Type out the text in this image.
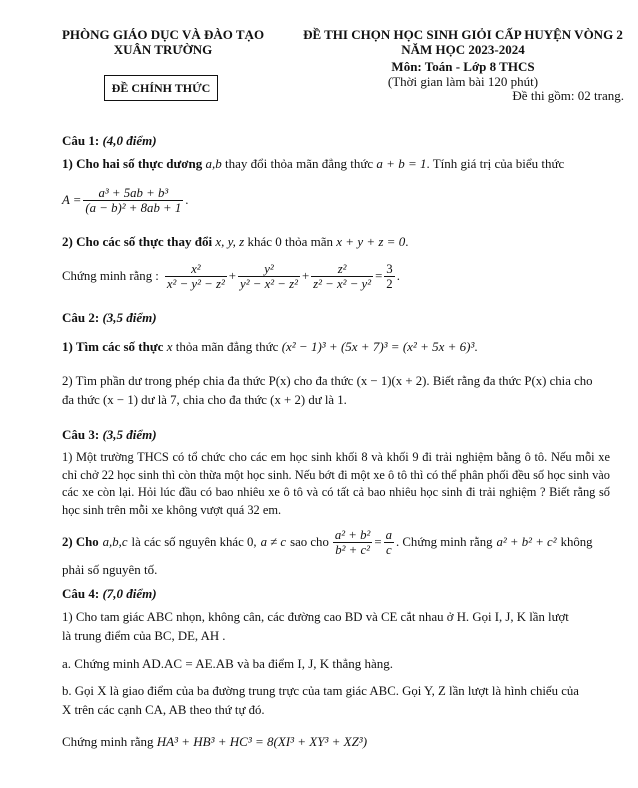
PHÒNG GIÁO DỤC VÀ ĐÀO TẠO
XUÂN TRƯỜNG
ĐỀ THI CHỌN HỌC SINH GIỎI CẤP HUYỆN VÒNG 2
NĂM HỌC 2023-2024
Môn: Toán - Lớp 8 THCS
(Thời gian làm bài 120 phút)
Đề thi gồm: 02 trang.
ĐỀ CHÍNH THỨC
Câu 1: (4,0 điểm)
1) Cho hai số thực dương a,b thay đổi thỏa mãn đẳng thức a + b = 1. Tính giá trị của biểu thức
$A = \frac{\text{a³ + 5ab + b³}}{\text{(a − b)² + 8ab + 1}}$ .
2) Cho các số thực thay đổi x, y, z khác 0 thỏa mãn x + y + z = 0.
Chứng minh rằng : $\frac{\text{x²}}{\text{x² − y² − z²}} + \frac{\text{y²}}{\text{y² − x² − z²}} + \frac{\text{z²}}{\text{z² − x² − y²}} = \frac{3}{2}$ .
Câu 2: (3,5 điểm)
1) Tìm các số thực x thỏa mãn đẳng thức (x² − 1)³ + (5x + 7)³ = (x² + 5x + 6)³.
2) Tìm phần dư trong phép chia đa thức P(x) cho đa thức (x − 1)(x + 2). Biết rằng đa thức P(x) chia cho
đa thức (x − 1) dư là 7, chia cho đa thức (x + 2) dư là 1.
Câu 3: (3,5 điểm)
1) Một trường THCS có tổ chức cho các em học sinh khối 8 và khối 9 đi trải nghiệm bằng ô tô. Nếu mỗi xe chỉ chở 22 học sinh thì còn thừa một học sinh. Nếu bớt đi một xe ô tô thì có thể phân phối đều số học sinh vào các xe còn lại. Hỏi lúc đầu có bao nhiêu xe ô tô và có tất cả bao nhiêu học sinh đi trải nghiệm ? Biết rằng số học sinh trên mỗi xe không vượt quá 32 em.
2) Cho a,b,c là các số nguyên khác 0, a ≠ c sao cho $\frac{\text{a² + b²}}{\text{b² + c²}} = \frac{a}{c}$ . Chứng minh rằng a² + b² + c² không
phải số nguyên tố.
Câu 4: (7,0 điểm)
1) Cho tam giác ABC nhọn, không cân, các đường cao BD và CE cắt nhau ở H. Gọi I, J, K lần lượt
là trung điểm của BC, DE, AH .
a. Chứng minh AD.AC = AE.AB và ba điểm I, J, K thẳng hàng.
b. Gọi X là giao điểm của ba đường trung trực của tam giác ABC. Gọi Y, Z lần lượt là hình chiếu của
X trên các cạnh CA, AB theo thứ tự đó.
Chứng minh rằng HA³ + HB³ + HC³ = 8(XI³ + XY³ + XZ³)
